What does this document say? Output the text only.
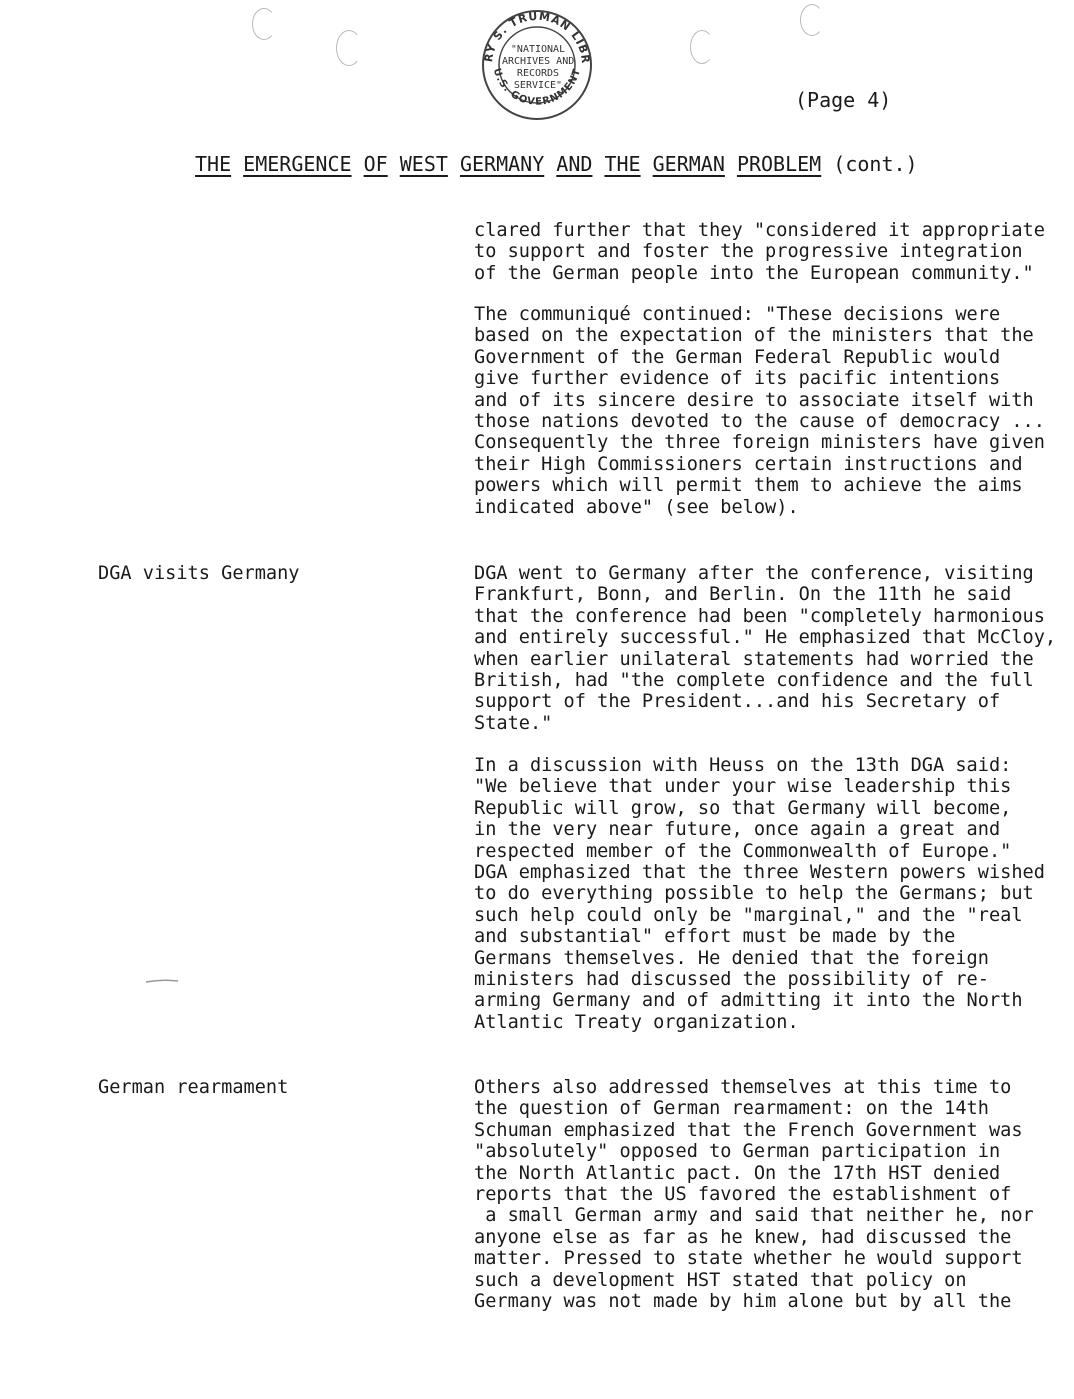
RY S. TRUMAN LIBR
U.S. GOVERNMENT
"NATIONAL
ARCHIVES AND
RECORDS
SERVICE"
(Page 4)
THE EMERGENCE OF WEST GERMANY AND THE GERMAN PROBLEM (cont.)

clared further that they "considered it appropriate
to support and foster the progressive integration
of the German people into the European community."

The communiqué continued: "These decisions were
based on the expectation of the ministers that the
Government of the German Federal Republic would
give further evidence of its pacific intentions
and of its sincere desire to associate itself with
those nations devoted to the cause of democracy ...
Consequently the three foreign ministers have given
their High Commissioners certain instructions and
powers which will permit them to achieve the aims
indicated above" (see below).

DGA visits Germany	DGA went to Germany after the conference, visiting
Frankfurt, Bonn, and Berlin. On the 11th he said
that the conference had been "completely harmonious
and entirely successful." He emphasized that McCloy,
when earlier unilateral statements had worried the
British, had "the complete confidence and the full
support of the President...and his Secretary of
State."

In a discussion with Heuss on the 13th DGA said:
"We believe that under your wise leadership this
Republic will grow, so that Germany will become,
in the very near future, once again a great and
respected member of the Commonwealth of Europe."
DGA emphasized that the three Western powers wished
to do everything possible to help the Germans; but
such help could only be "marginal," and the "real
and substantial" effort must be made by the
Germans themselves. He denied that the foreign
ministers had discussed the possibility of re-
arming Germany and of admitting it into the North
Atlantic Treaty organization.

German rearmament	Others also addressed themselves at this time to
the question of German rearmament: on the 14th
Schuman emphasized that the French Government was
"absolutely" opposed to German participation in
the North Atlantic pact. On the 17th HST denied
reports that the US favored the establishment of
a small German army and said that neither he, nor
anyone else as far as he knew, had discussed the
matter. Pressed to state whether he would support
such a development HST stated that policy on
Germany was not made by him alone but by all the
